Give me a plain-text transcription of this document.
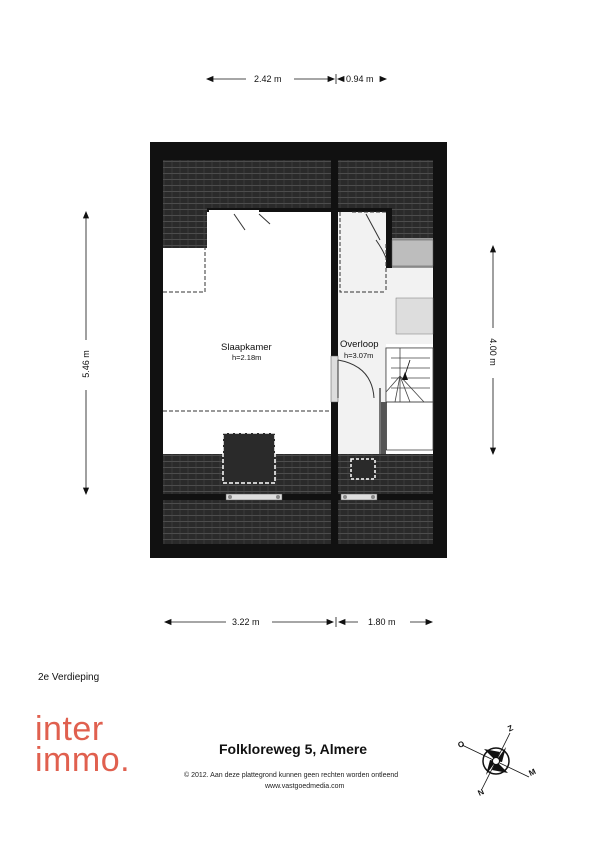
2.42 m	0.94 m
3.22 m	1.80 m
5.46 m	4.00 m
Slaapkamer
h=2.18m
Overloop
h=3.07m
2e Verdieping
inter
immo.	Folkloreweg 5, Almere
© 2012. Aan deze plattegrond kunnen geen rechten worden ontleend
www.vastgoedmedia.com
Z
O
M
N
